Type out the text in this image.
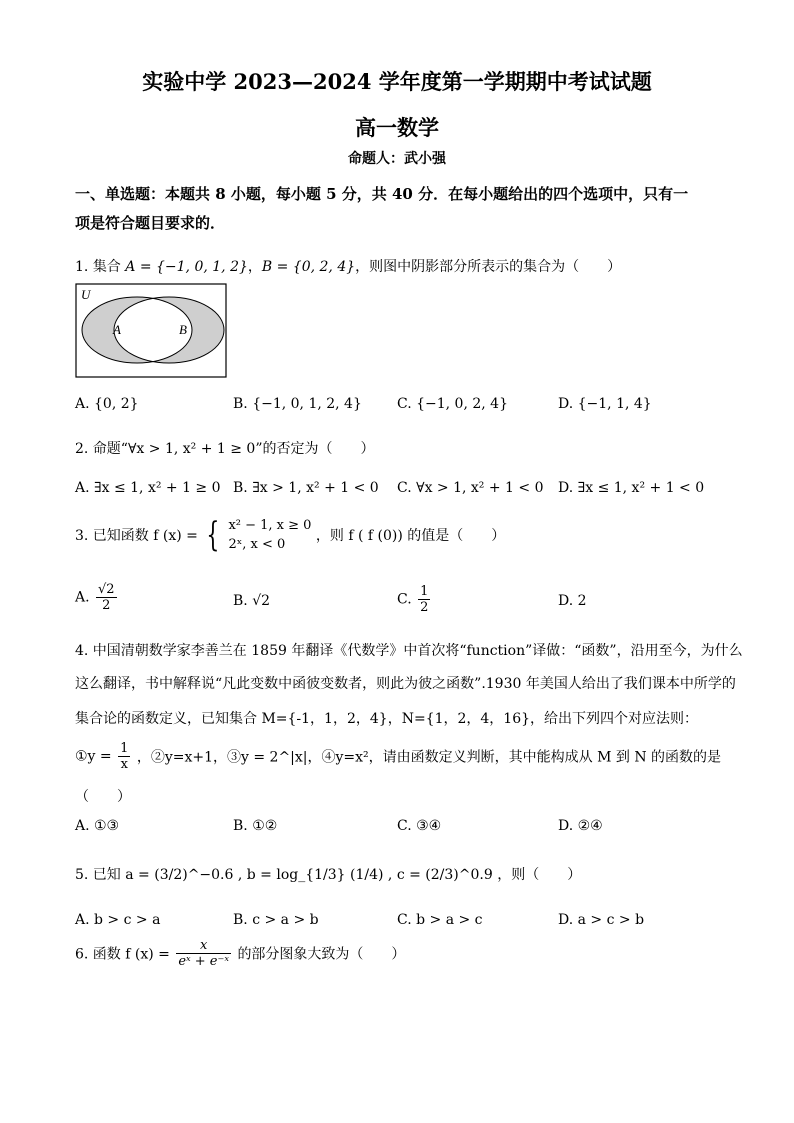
实验中学 2023—2024 学年度第一学期期中考试试题
高一数学
命题人：武小强
一、单选题：本题共 8 小题，每小题 5 分，共 40 分．在每小题给出的四个选项中，只有一
项是符合题目要求的．
1. 集合 A = {−1, 0, 1, 2}，B = {0, 2, 4}，则图中阴影部分所表示的集合为（　　）
U
A	B
A. {0, 2}	B. {−1, 0, 1, 2, 4}	C. {−1, 0, 2, 4}	D. {−1, 1, 4}
2. 命题“∀x > 1, x² + 1 ≥ 0”的否定为（　　）
A. ∃x ≤ 1, x² + 1 ≥ 0 B. ∃x > 1, x² + 1 < 0 C. ∀x > 1, x² + 1 < 0 D. ∃x ≤ 1, x² + 1 < 0
3. 已知函数 f (x) = { x² − 1, x ≥ 0
2ˣ, x < 0
，则 f ( f (0)) 的值是（　　）
A. $\frac{√2}{2}$	B. √2	C. $\frac{1}{2}$	D. 2
4. 中国清朝数学家李善兰在 1859 年翻译《代数学》中首次将“function”译做：“函数”，沿用至今，为什么
这么翻译，书中解释说“凡此变数中函彼变数者，则此为彼之函数”.1930 年美国人给出了我们课本中所学的
集合论的函数定义，已知集合 M={-1，1，2，4}，N={1，2，4，16}，给出下列四个对应法则：
①y = $\frac{1}{x}$ ，②y=x+1，③y = 2^|x|，④y=x²，请由函数定义判断，其中能构成从 M 到 N 的函数的是
（　　）
A. ①③	B. ①②	C. ③④	D. ②④
5. 已知 a = (3/2)^−0.6 , b = log_{1/3} (1/4) , c = (2/3)^0.9 ，则（　　）
A. b > c > a	B. c > a > b	C. b > a > c	D. a > c > b
6. 函数 f $(x) = \frac{x}{\text{eˣ + e⁻ˣ}}$ 的部分图象大致为（　　）
